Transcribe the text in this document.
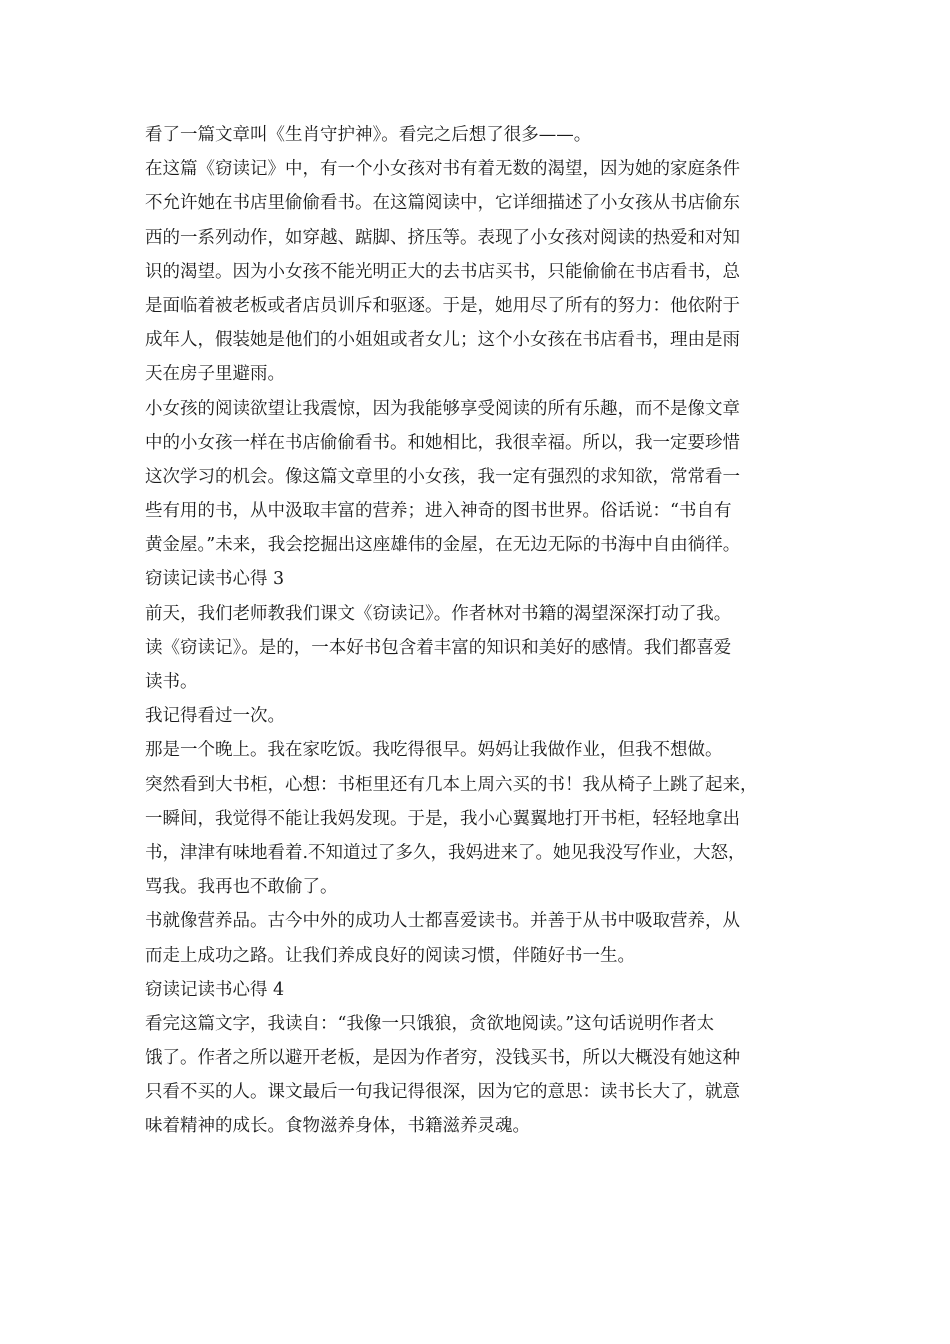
看了一篇文章叫《生肖守护神》。看完之后想了很多——。
在这篇《窃读记》中，有一个小女孩对书有着无数的渴望，因为她的家庭条件
不允许她在书店里偷偷看书。在这篇阅读中，它详细描述了小女孩从书店偷东
西的一系列动作，如穿越、踮脚、挤压等。表现了小女孩对阅读的热爱和对知
识的渴望。因为小女孩不能光明正大的去书店买书，只能偷偷在书店看书，总
是面临着被老板或者店员训斥和驱逐。于是，她用尽了所有的努力：他依附于
成年人，假装她是他们的小姐姐或者女儿；这个小女孩在书店看书，理由是雨
天在房子里避雨。
小女孩的阅读欲望让我震惊，因为我能够享受阅读的所有乐趣，而不是像文章
中的小女孩一样在书店偷偷看书。和她相比，我很幸福。所以，我一定要珍惜
这次学习的机会。像这篇文章里的小女孩，我一定有强烈的求知欲，常常看一
些有用的书，从中汲取丰富的营养；进入神奇的图书世界。俗话说：“书自有
黄金屋。”未来，我会挖掘出这座雄伟的金屋，在无边无际的书海中自由徜徉。
窃读记读书心得 3
前天，我们老师教我们课文《窃读记》。作者林对书籍的渴望深深打动了我。
读《窃读记》。是的，一本好书包含着丰富的知识和美好的感情。我们都喜爱
读书。
我记得看过一次。
那是一个晚上。我在家吃饭。我吃得很早。妈妈让我做作业，但我不想做。
突然看到大书柜，心想：书柜里还有几本上周六买的书！我从椅子上跳了起来，
一瞬间，我觉得不能让我妈发现。于是，我小心翼翼地打开书柜，轻轻地拿出
书，津津有味地看着.不知道过了多久，我妈进来了。她见我没写作业，大怒，
骂我。我再也不敢偷了。
书就像营养品。古今中外的成功人士都喜爱读书。并善于从书中吸取营养，从
而走上成功之路。让我们养成良好的阅读习惯，伴随好书一生。
窃读记读书心得 4
看完这篇文字，我读自：“我像一只饿狼，贪欲地阅读。”这句话说明作者太
饿了。作者之所以避开老板，是因为作者穷，没钱买书，所以大概没有她这种
只看不买的人。课文最后一句我记得很深，因为它的意思：读书长大了，就意
味着精神的成长。食物滋养身体，书籍滋养灵魂。
